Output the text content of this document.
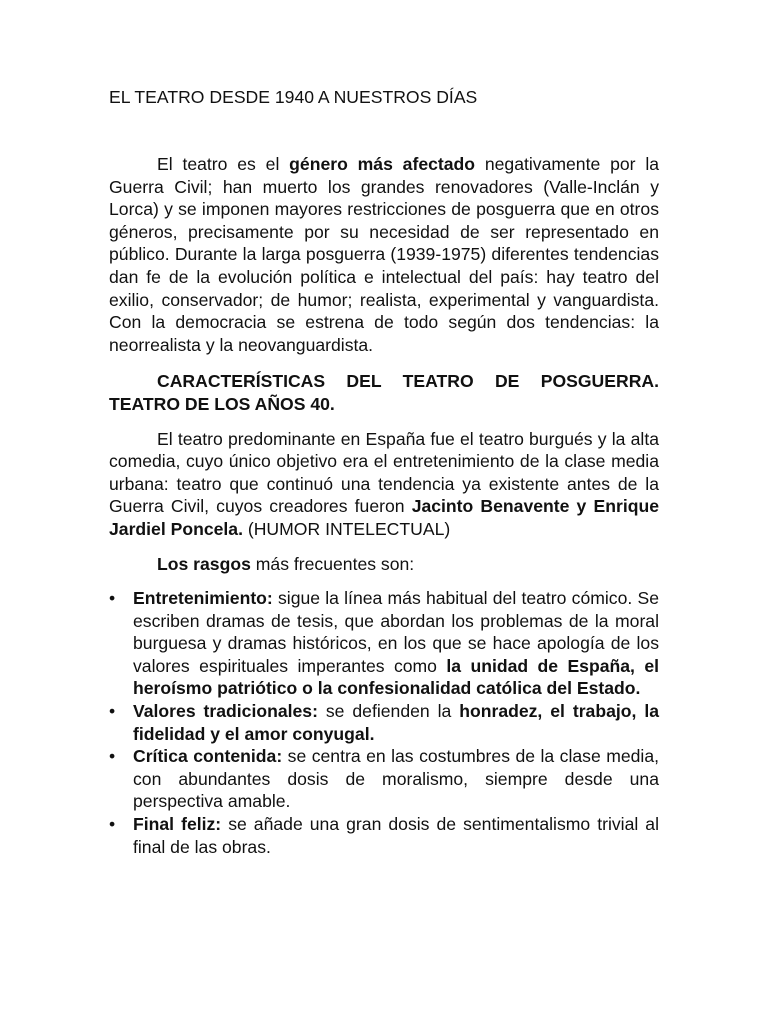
EL TEATRO DESDE 1940 A NUESTROS DÍAS

El teatro es el género más afectado negativamente por la Guerra Civil; han muerto los grandes renovadores (Valle-Inclán y Lorca) y se imponen mayores restricciones de posguerra que en otros géneros, precisamente por su necesidad de ser representado en público. Durante la larga posguerra (1939-1975) diferentes tendencias dan fe de la evolución política e intelectual del país: hay teatro del exilio, conservador; de humor; realista, experimental y vanguardista. Con la democracia se estrena de todo según dos tendencias: la neorrealista y la neovanguardista.

CARACTERÍSTICAS DEL TEATRO DE POSGUERRA. TEATRO DE LOS AÑOS 40.

El teatro predominante en España fue el teatro burgués y la alta comedia, cuyo único objetivo era el entretenimiento de la clase media urbana: teatro que continuó una tendencia ya existente antes de la Guerra Civil, cuyos creadores fueron Jacinto Benavente y Enrique Jardiel Poncela. (HUMOR INTELECTUAL)

Los rasgos más frecuentes son:

• Entretenimiento: sigue la línea más habitual del teatro cómico. Se escriben dramas de tesis, que abordan los problemas de la moral burguesa y dramas históricos, en los que se hace apología de los valores espirituales imperantes como la unidad de España, el heroísmo patriótico o la confesionalidad católica del Estado.
• Valores tradicionales: se defienden la honradez, el trabajo, la fidelidad y el amor conyugal.
• Crítica contenida: se centra en las costumbres de la clase media, con abundantes dosis de moralismo, siempre desde una perspectiva amable.
• Final feliz: se añade una gran dosis de sentimentalismo trivial al final de las obras.
